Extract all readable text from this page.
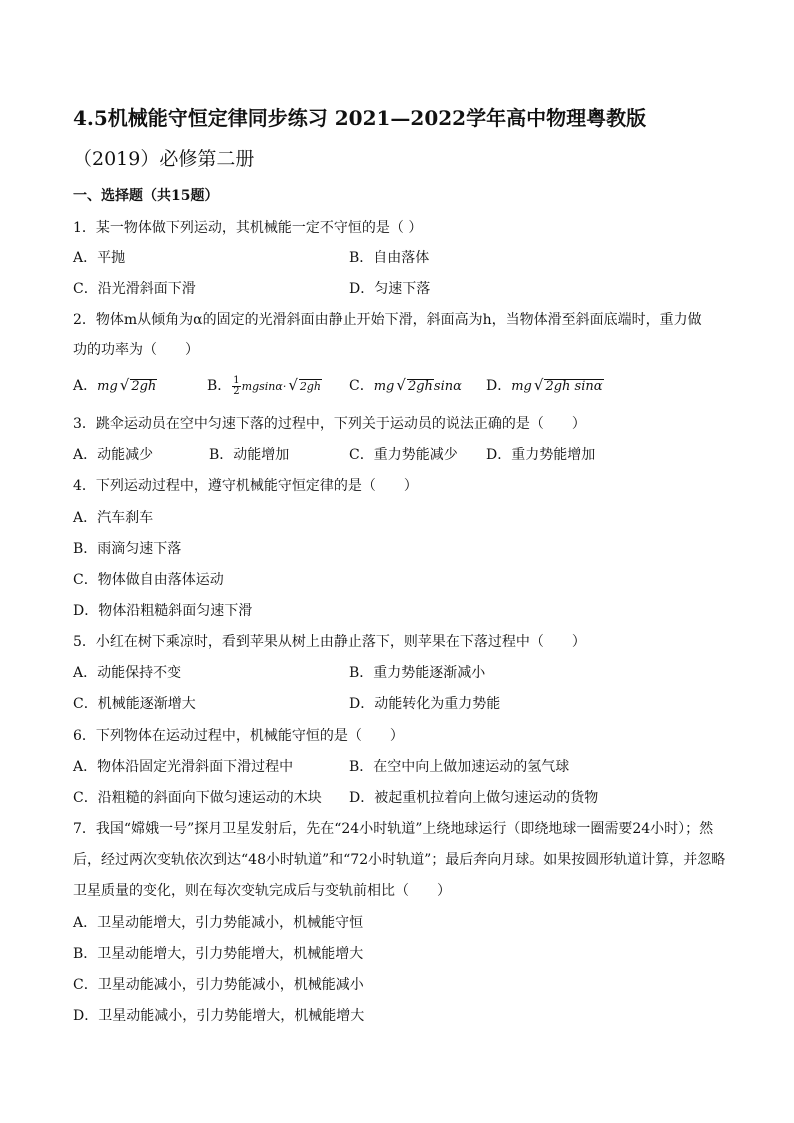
4.5机械能守恒定律同步练习 2021—2022学年高中物理粤教版
（2019）必修第二册
一、选择题（共15题）
1．某一物体做下列运动，其机械能一定不守恒的是（ ）
A．平抛	B．自由落体
C．沿光滑斜面下滑	D．匀速下落
2．物体m从倾角为α的固定的光滑斜面由静止开始下滑，斜面高为h，当物体滑至斜面底端时，重力做
功的功率为（　　）
A．mg √ 2gh	B． $\frac{1}{2} mgsin\alpha\cdot$ √ 2gh C．mg √ 2ghsinα D．mg √ 2gh sinα
3．跳伞运动员在空中匀速下落的过程中，下列关于运动员的说法正确的是（　　）
A．动能减少	B．动能增加	C．重力势能减少 D．重力势能增加
4．下列运动过程中，遵守机械能守恒定律的是（　　）
A．汽车刹车
B．雨滴匀速下落
C．物体做自由落体运动
D．物体沿粗糙斜面匀速下滑
5．小红在树下乘凉时，看到苹果从树上由静止落下，则苹果在下落过程中（　　）
A．动能保持不变	B．重力势能逐渐减小
C．机械能逐渐增大	D．动能转化为重力势能
6．下列物体在运动过程中，机械能守恒的是（　　）
A．物体沿固定光滑斜面下滑过程中	B．在空中向上做加速运动的氢气球
C．沿粗糙的斜面向下做匀速运动的木块 D．被起重机拉着向上做匀速运动的货物
7．我国“嫦娥一号”探月卫星发射后，先在“24小时轨道”上绕地球运行（即绕地球一圈需要24小时）；然
后，经过两次变轨依次到达“48小时轨道”和“72小时轨道”；最后奔向月球。如果按圆形轨道计算，并忽略
卫星质量的变化，则在每次变轨完成后与变轨前相比（　　）
A．卫星动能增大，引力势能减小，机械能守恒
B．卫星动能增大，引力势能增大，机械能增大
C．卫星动能减小，引力势能减小，机械能减小
D．卫星动能减小，引力势能增大，机械能增大
